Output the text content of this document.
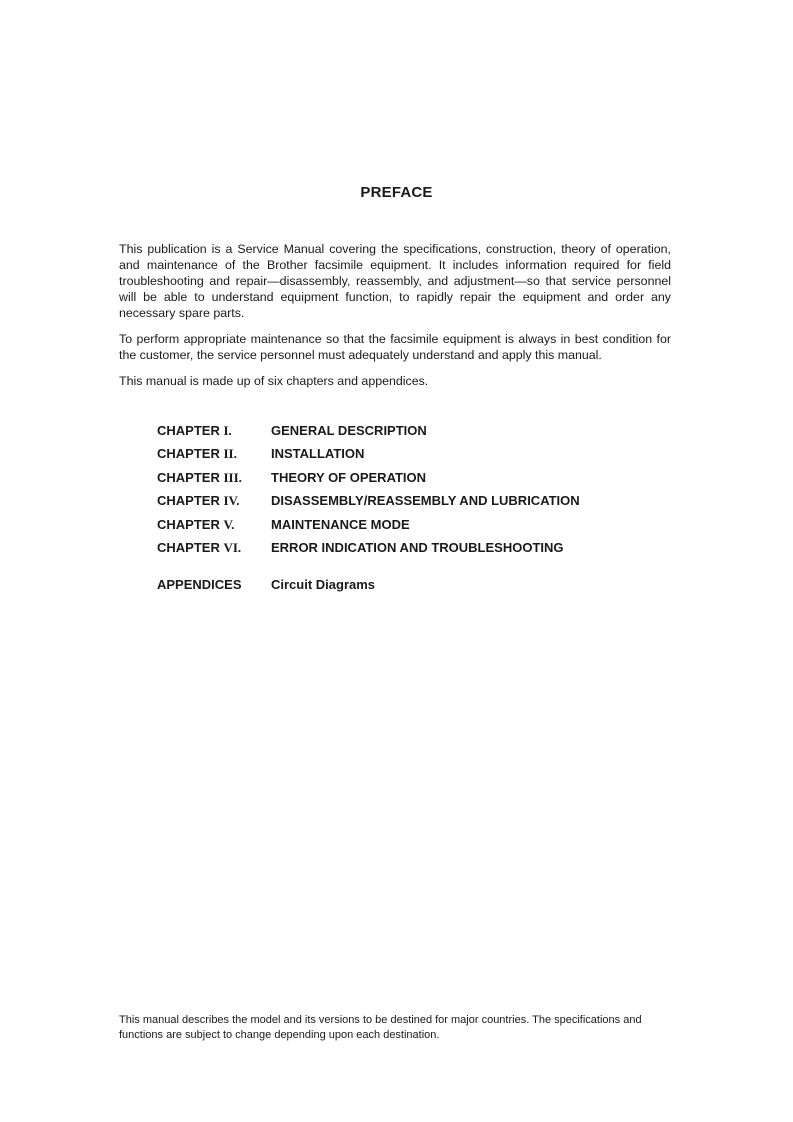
PREFACE

This publication is a Service Manual covering the specifications, construction, theory of operation, and maintenance of the Brother facsimile equipment. It includes information required for field troubleshooting and repair—disassembly, reassembly, and adjustment—so that service personnel will be able to understand equipment function, to rapidly repair the equipment and order any necessary spare parts.

To perform appropriate maintenance so that the facsimile equipment is always in best condition for the customer, the service personnel must adequately understand and apply this manual.

This manual is made up of six chapters and appendices.

CHAPTER I.	GENERAL DESCRIPTION
CHAPTER II.	INSTALLATION
CHAPTER III. THEORY OF OPERATION
CHAPTER IV. DISASSEMBLY/REASSEMBLY AND LUBRICATION
CHAPTER V.	MAINTENANCE MODE
CHAPTER VI. ERROR INDICATION AND TROUBLESHOOTING
APPENDICES Circuit Diagrams

This manual describes the model and its versions to be destined for major countries. The specifications and functions are subject to change depending upon each destination.
